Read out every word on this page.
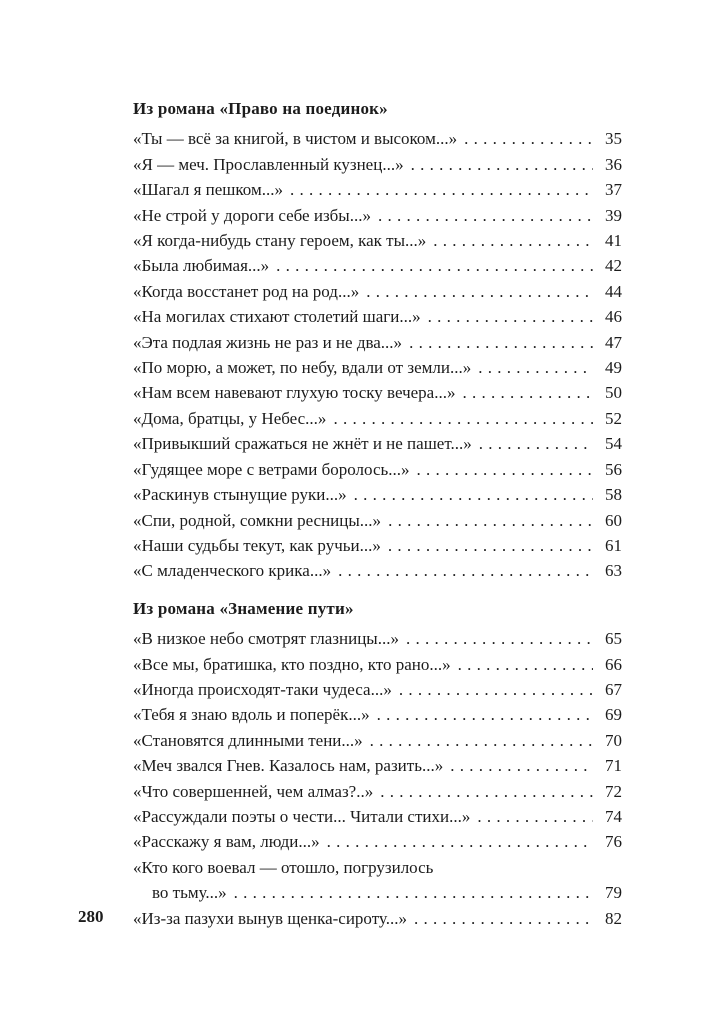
Из романа «Право на поединок»
«Ты — всё за книгой, в чистом и высоком...» . . .	35
«Я — меч. Прославленный кузнец...» . . .	36
«Шагал я пешком...» . . .	37
«Не строй у дороги себе избы...» . . .	39
«Я когда-нибудь стану героем, как ты...» . . .	41
«Была любимая...» . . .	42
«Когда восстанет род на род...» . . .	44
«На могилах стихают столетий шаги...» . . .	46
«Эта подлая жизнь не раз и не два...» . . .	47
«По морю, а может, по небу, вдали от земли...» . . .	49
«Нам всем навевают глухую тоску вечера...» . . .	50
«Дома, братцы, у Небес...» . . .	52
«Привыкший сражаться не жнёт и не пашет...» . . .	54
«Гудящее море с ветрами боролось...» . . .	56
«Раскинув стынущие руки...» . . .	58
«Спи, родной, сомкни ресницы...» . . .	60
«Наши судьбы текут, как ручьи...» . . .	61
«С младенческого крика...» . . .	63
Из романа «Знамение пути»
«В низкое небо смотрят глазницы...» . . .	65
«Все мы, братишка, кто поздно, кто рано...» . . .	66
«Иногда происходят-таки чудеса...» . . .	67
«Тебя я знаю вдоль и поперёк...» . . .	69
«Становятся длинными тени...» . . .	70
«Меч звался Гнев. Казалось нам, разить...» . . .	71
«Что совершенней, чем алмаз?..» . . .	72
«Рассуждали поэты о чести... Читали стихи...» . . .	74
«Расскажу я вам, люди...» . . .	76
«Кто кого воевал — отошло, погрузилось
во тьму...» . . .	79
«Из-за пазухи вынув щенка-сироту...» . . .	82
280
